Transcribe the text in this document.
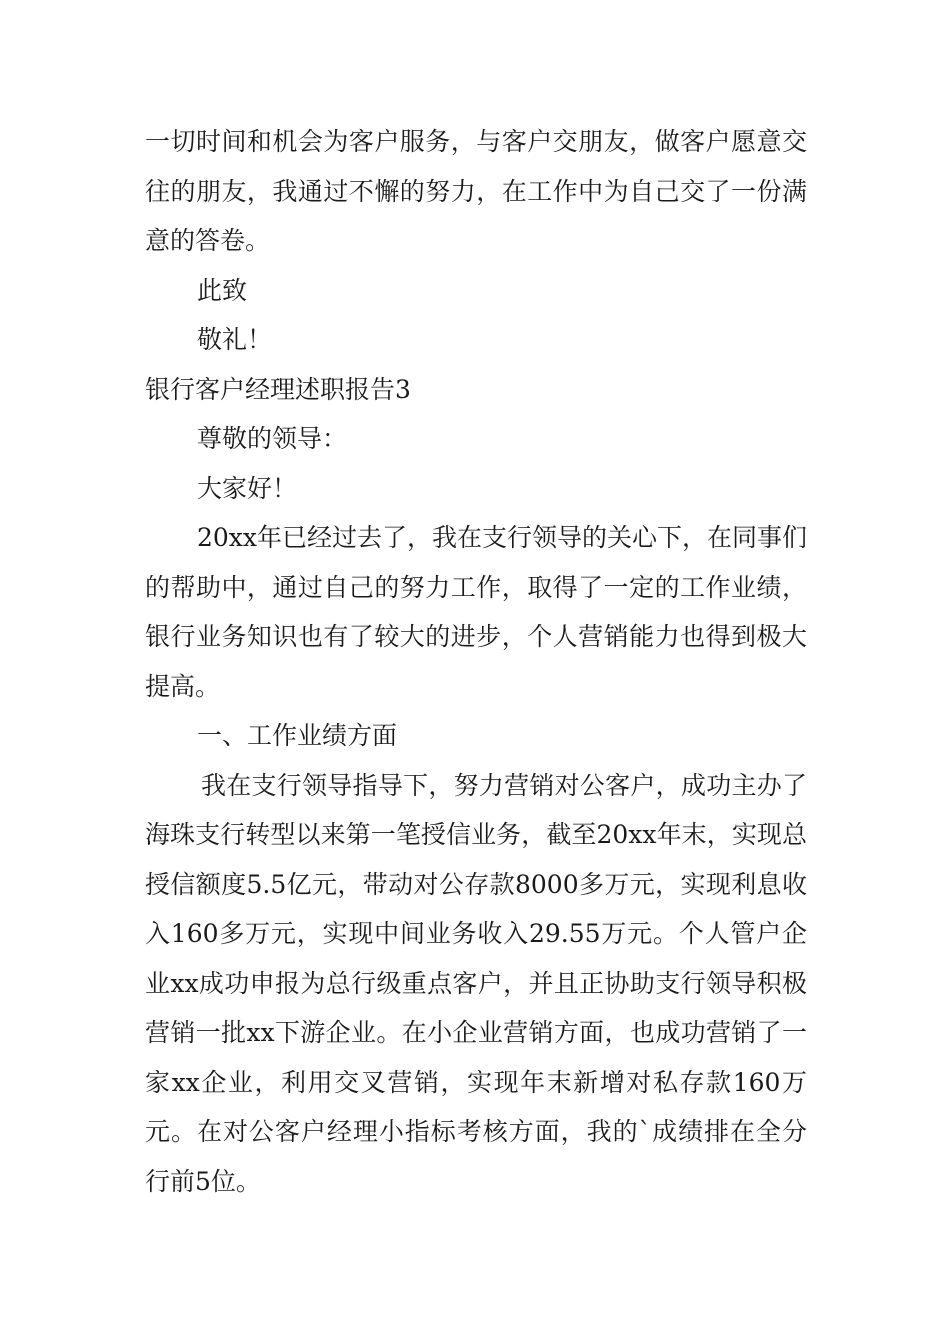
一切时间和机会为客户服务，与客户交朋友，做客户愿意交往的朋友，我通过不懈的努力，在工作中为自己交了一份满意的答卷。

此致

敬礼！

银行客户经理述职报告3

尊敬的领导：

大家好！

20xx年已经过去了，我在支行领导的关心下，在同事们的帮助中，通过自己的努力工作，取得了一定的工作业绩，银行业务知识也有了较大的进步，个人营销能力也得到极大提高。

一、工作业绩方面

我在支行领导指导下，努力营销对公客户，成功主办了海珠支行转型以来第一笔授信业务，截至20xx年末，实现总授信额度5.5亿元，带动对公存款8000多万元，实现利息收入160多万元，实现中间业务收入29.55万元。个人管户企业xx成功申报为总行级重点客户，并且正协助支行领导积极营销一批xx下游企业。在小企业营销方面，也成功营销了一家xx企业，利用交叉营销，实现年末新增对私存款160万元。在对公客户经理小指标考核方面，我的`成绩排在全分行前5位。
